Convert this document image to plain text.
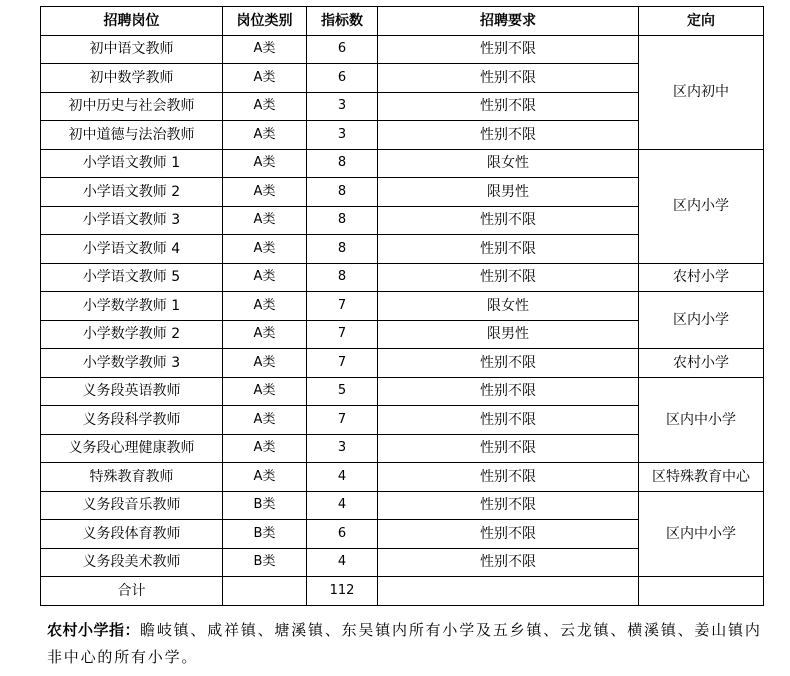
招聘岗位	岗位类别	指标数	招聘要求	定向
初中语文教师	A类	6	性别不限	区内初中
初中数学教师	A类	6	性别不限	
初中历史与社会教师	A类	3	性别不限	
初中道德与法治教师	A类	3	性别不限	
小学语文教师 1	A类	8	限女性	区内小学
小学语文教师 2	A类	8	限男性	
小学语文教师 3	A类	8	性别不限	
小学语文教师 4	A类	8	性别不限	
小学语文教师 5	A类	8	性别不限	农村小学
小学数学教师 1	A类	7	限女性	区内小学
小学数学教师 2	A类	7	限男性	
小学数学教师 3	A类	7	性别不限	农村小学
义务段英语教师	A类	5	性别不限	区内中小学
义务段科学教师	A类	7	性别不限	
义务段心理健康教师	A类	3	性别不限	
特殊教育教师	A类	4	性别不限	区特殊教育中心
义务段音乐教师	B类	4	性别不限	区内中小学
义务段体育教师	B类	6	性别不限	
义务段美术教师	B类	4	性别不限	
合计		112		
农村小学指：瞻岐镇、咸祥镇、塘溪镇、东吴镇内所有小学及五乡镇、云龙镇、横溪镇、姜山镇内非中心的所有小学。
